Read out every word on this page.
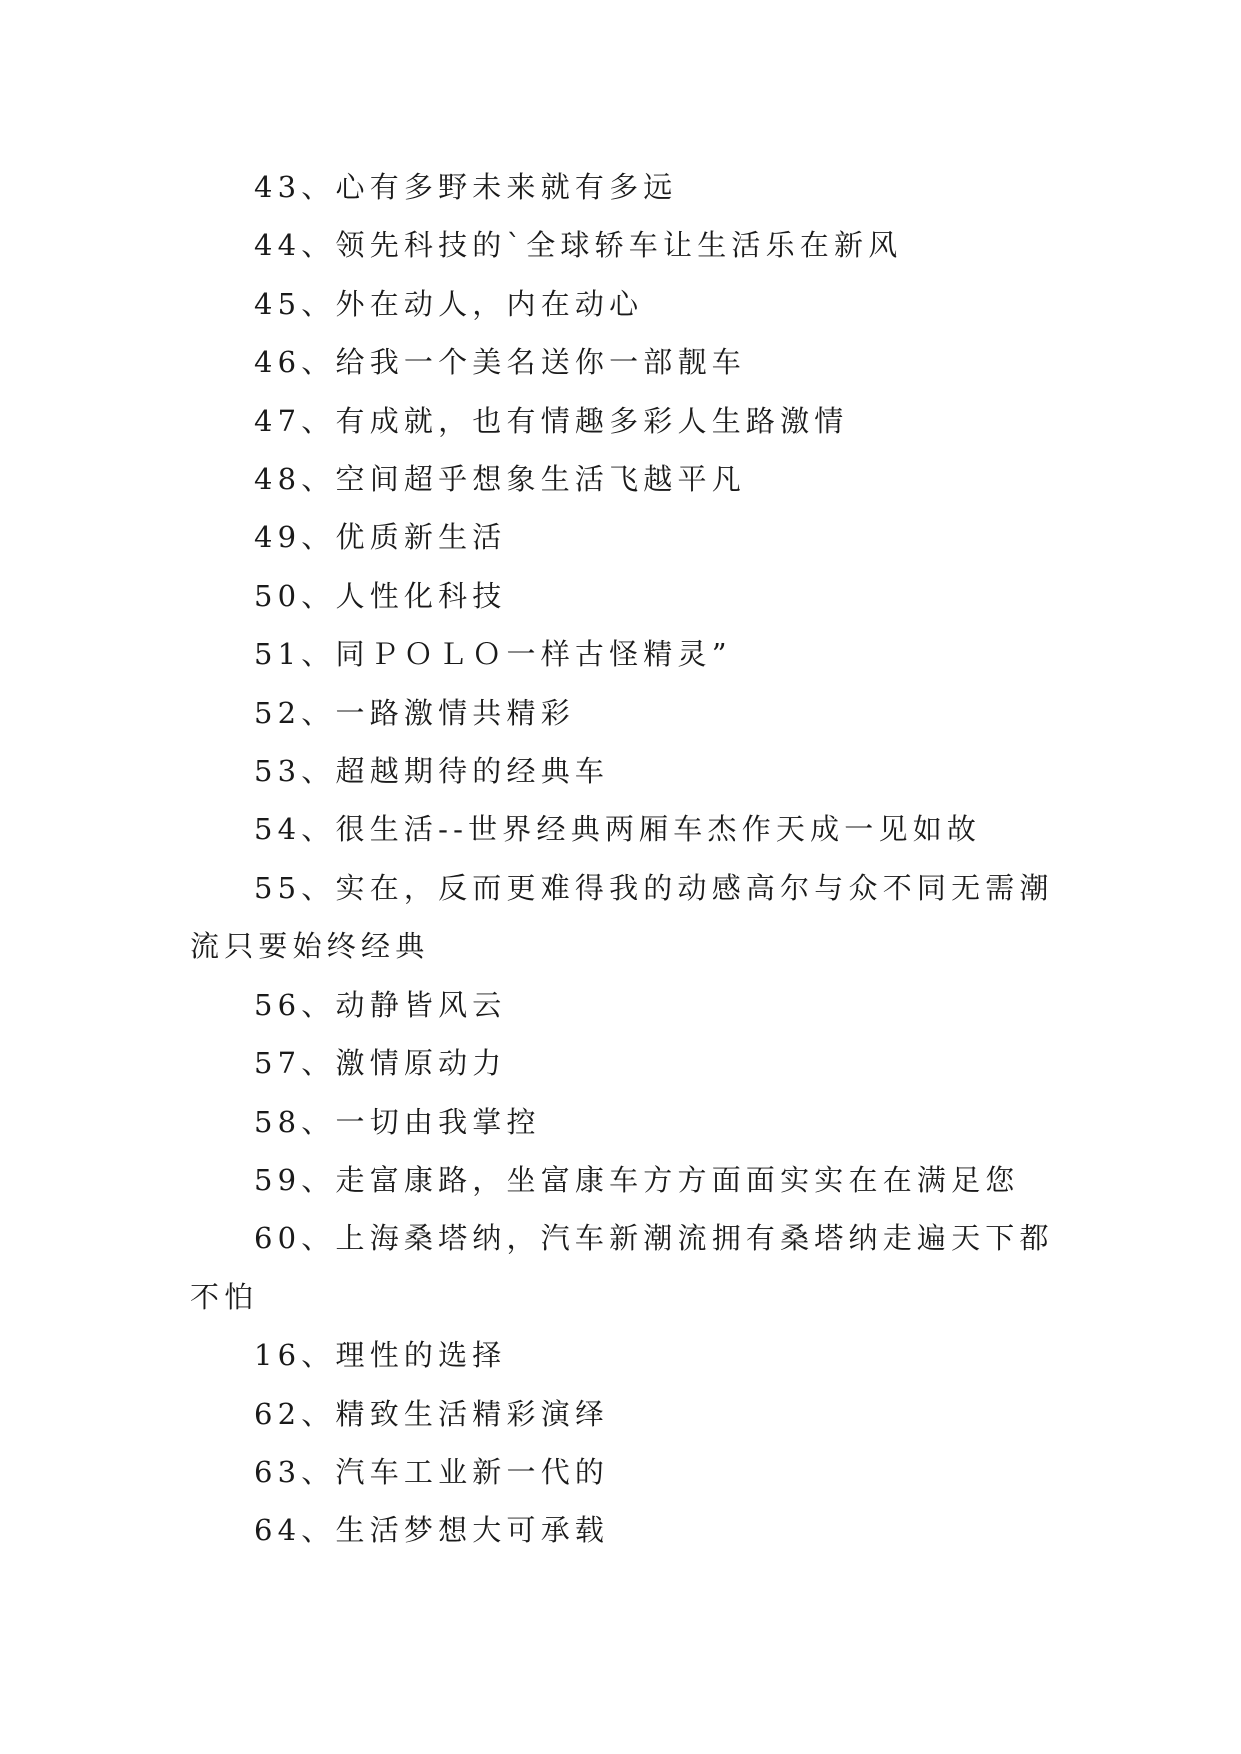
43、心有多野未来就有多远

44、领先科技的`全球轿车让生活乐在新风

45、外在动人，内在动心

46、给我一个美名送你一部靓车

47、有成就，也有情趣多彩人生路激情

48、空间超乎想象生活飞越平凡

49、优质新生活

50、人性化科技

51、同ＰＯＬＯ一样古怪精灵”

52、一路激情共精彩

53、超越期待的经典车

54、很生活--世界经典两厢车杰作天成一见如故

55、实在，反而更难得我的动感高尔与众不同无需潮流只要始终经典

56、动静皆风云

57、激情原动力

58、一切由我掌控

59、走富康路，坐富康车方方面面实实在在满足您

60、上海桑塔纳，汽车新潮流拥有桑塔纳走遍天下都不怕

16、理性的选择

62、精致生活精彩演绎

63、汽车工业新一代的

64、生活梦想大可承载
